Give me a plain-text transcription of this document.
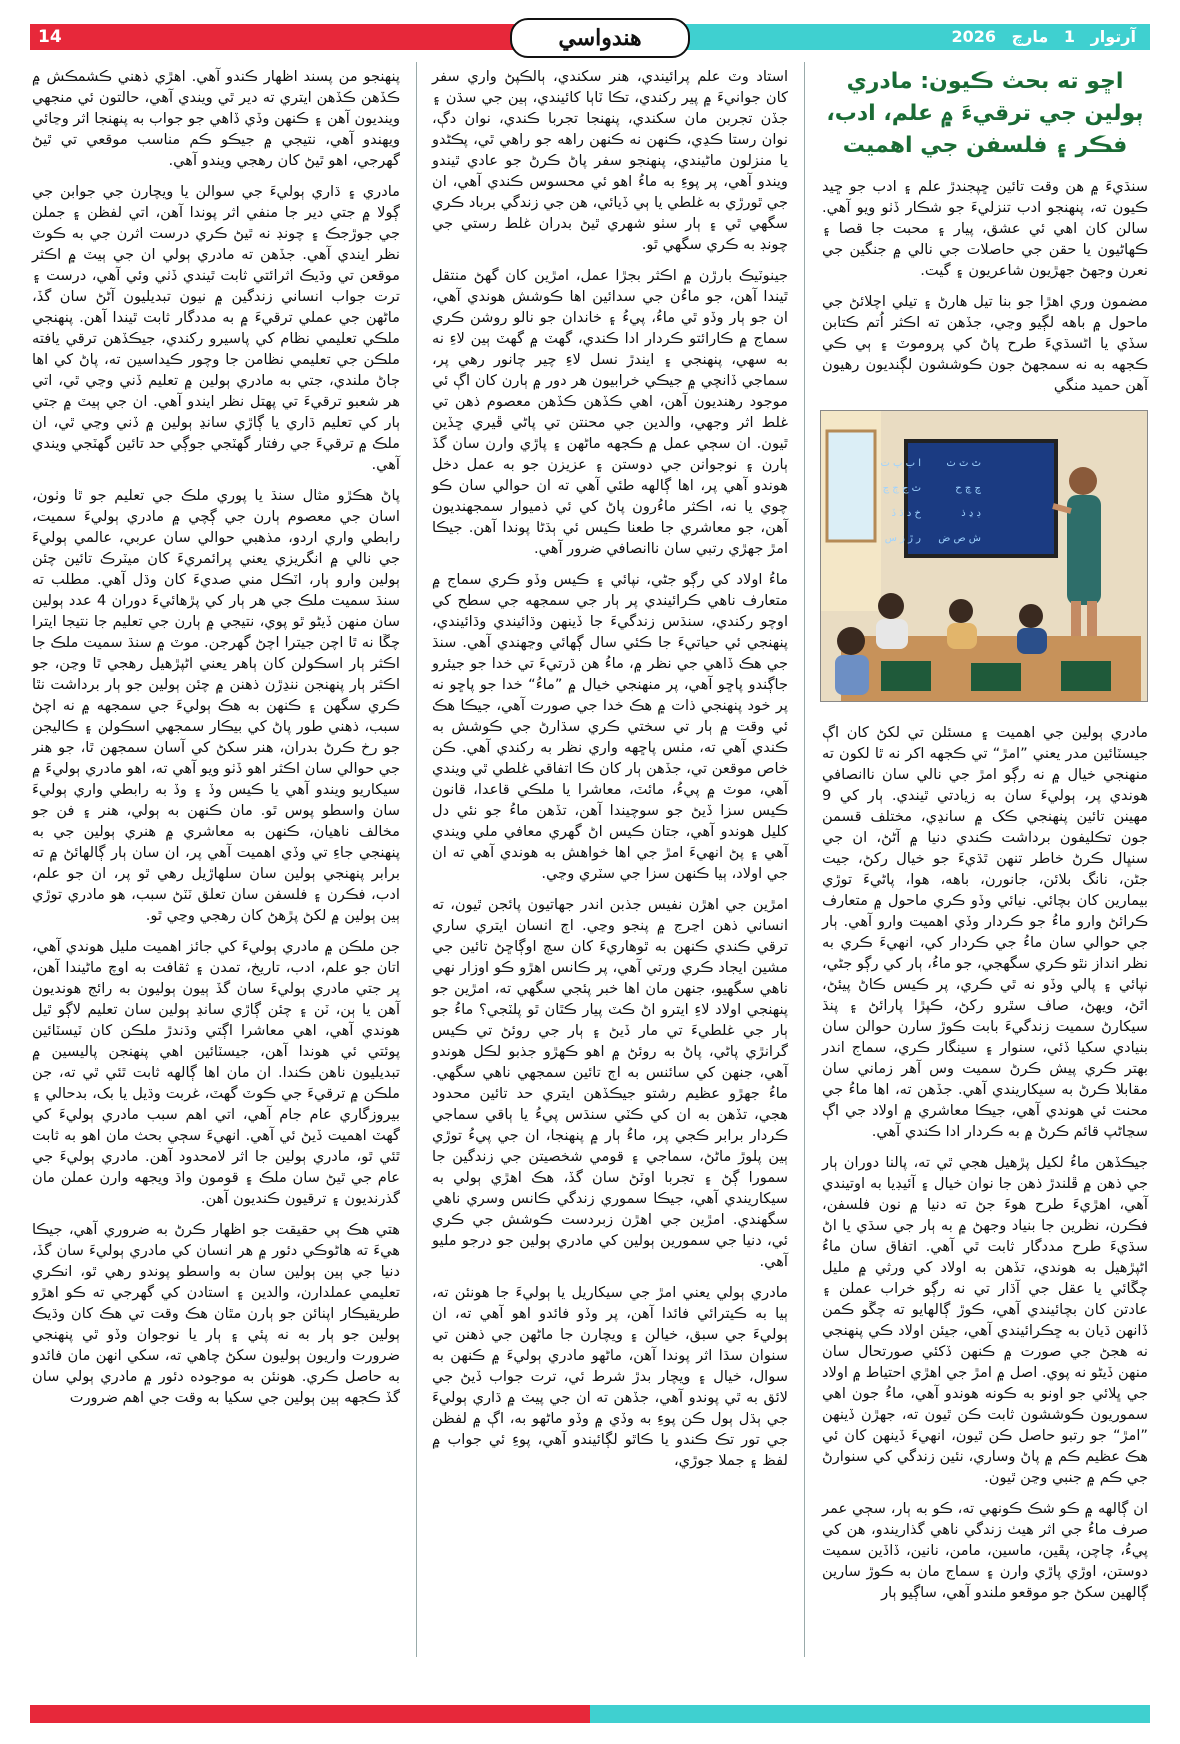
14	هندواسي	آرتوار 1 مارچ 2026
اڇو ته بحث ڪيون: مادري ٻولين جي ترقيءَ ۾ علم، ادب، فڪر ۽ فلسفن جي اهميت

سنڌيءَ ۾ هن وقت تائين ڇپجندڙ علم ۽ ادب جو ڇيد ڪيون ته، پنهنجو ادب تنزليءَ جو شڪار ڏٺو ويو آهي. سالن کان اهي ئي عشق، پيار ۽ محبت جا قصا ۽ ڪهاڻيون يا حقن جي حاصلات جي نالي ۾ جنگين جي نعرن وجهڻ جهڙيون شاعريون ۽ گيت.

مضمون وري اهڙا جو بنا تيل هارڻ ۽ تيلي اچلائڻ جي ماحول ۾ باهه لڳيو وڃي، جڏهن ته اڪثر اُتم ڪتابن سڏي يا اڻسڌيءَ طرح پاڻ کي پروموٽ ۽ ٻي ڪي ڪجهه به نه سمجهڻ جون ڪوششون لڳنديون رهيون آهن حميد منگي

ا ب پ ت	ٿ ٽ ٺ
ث ج ڄ ڃ	چ ڇ ح
خ د ڌ ڏ	ڊ ڍ ذ
ر ڙ ز س ش ص ض

مادري ٻولين جي اهميت ۽ مسئلن تي لکڻ کان اڳ جيسٽائين مدر يعني ”امڙ“ تي ڪجهه اکر نه ٿا لکون ته منهنجي خيال ۾ نه رڳو امڙ جي نالي سان ناانصافي هوندي پر، ٻوليءَ سان به زيادتي ٿيندي. ٻار کي 9 مهينن تائين پنهنجي ڪک ۾ سانڍي، مختلف قسمن جون تڪليفون برداشت ڪندي دنيا ۾ آڻڻ، ان جي سنڀال ڪرڻ خاطر تنهن ٿڌيءَ جو خيال رکڻ، جيت جڻن، نانگ بلائن، جانورن، باهه، هوا، پاڻيءَ توڙي بيمارين کان بچائي. نيائي وڏو ڪري ماحول ۾ متعارف ڪرائڻ وارو ماءُ جو ڪردار وڏي اهميت وارو آهي. ٻار جي حوالي سان ماءُ جي ڪردار کي، انهيءَ ڪري به نظر انداز نٿو ڪري سگهجي، جو ماءُ، ٻار کي رڳو جڻي، نپائي ۽ پالي وڏو نه ٿي ڪري، پر ڪيس ڪاڻ پيئڻ، اٿڻ، ويهڻ، صاف سٿرو رکڻ، ڪپڙا پارائڻ ۽ پنڌ سيکارڻ سميت زندگيءَ بابت ڪوڙ سارن حوالن سان بنيادي سکيا ڏئي، سنوار ۽ سينگار ڪري، سماج اندر بهتر ڪري پيش ڪرڻ سميت وس آهر زماني سان مقابلا ڪرڻ به سيکاريندي آهي. جڏهن ته، اها ماءُ جي محنت ئي هوندي آهي، جيڪا معاشري ۾ اولاد جي اڳ سڃاڻپ قائم ڪرڻ ۾ به ڪردار ادا ڪندي آهي.

جيڪڏهن ماءُ لکيل پڙهيل هجي ٿي ته، پالنا دوران ٻار جي ذهن ۾ ڦلندڙ ذهن جا نوان خيال ۽ آئيڊيا به اوتيندي آهي، اهڙيءَ طرح هوءَ جڻ ته دنيا ۾ نون فلسفن، فڪرن، نظرين جا بنياد وجهڻ ۾ به ٻار جي سڌي يا اڻ سڌيءَ طرح مددگار ثابت ٿي آهي. اتفاق سان ماءُ اڻپڙهيل به هوندي، تڏهن به اولاد کي ورثي ۾ مليل چڱائي يا عقل جي آڌار تي نه رڳو خراب عملن ۽ عادتن کان بچائيندي آهي، ڪوڙ ڳالهايو ته چڱو ڪمن ڏانهن ڌيان به ڇڪرائيندي آهي، جيئن اولاد ڪي پنهنجي نه هجڻ جي صورت ۾ ڪنهن ڏکئي صورتحال سان منهن ڏيڻو نه پوي. اصل ۾ امڙ جي اهڙي احتياط ۾ اولاد جي ڀلائي جو اونو به ڪونه هوندو آهي، ماءُ جون اهي سموريون ڪوششون ثابت ڪن ٿيون ته، جهڙن ڏينهن ”امڙ“ جو رتبو حاصل ڪن ٿيون، انهيءَ ڏينهن کان ئي هڪ عظيم ڪم ۾ پاڻ وساري، نئين زندگي کي سنوارڻ جي ڪم ۾ جنبي وڃن ٿيون.

ان ڳالهه ۾ ڪو شڪ ڪونهي ته، ڪو به ٻار، سڄي عمر صرف ماءُ جي اثر هيٺ زندگي ناهي گذاريندو، هن کي پيءُ، چاچن، پڦين، ماسين، مامن، نانين، ڏاڏين سميت دوستن، اوڙي پاڙي وارن ۽ سماج مان به ڪوڙ سارين ڳالهين سکڻ جو موقعو ملندو آهي، ساڳيو ٻار

استاد وٽ علم پرائيندي، هنر سکندي، ٻالڪپڻ واري سفر کان جوانيءَ ۾ پير رکندي، تڪا ٽاٻا کائيندي، ٻين جي سڌن ۽ جڏن تجربن مان سکندي، پنهنجا تجربا ڪندي، نوان دڳ، نوان رستا ڪڍي، ڪنهن نه ڪنهن راهه جو راهي ٿي، پڪڻدو يا منزلون ماڻيندي، پنهنجو سفر پاڻ ڪرڻ جو عادي ٿيندو ويندو آهي، پر پوءِ به ماءُ اهو ئي محسوس ڪندي آهي، ان جي ٿورڙي به غلطي يا ٻي ڏيائي، هن جي زندگي برباد ڪري سگهي ٿي ۽ ٻار سٺو شهري ٿيڻ بدران غلط رستي جي چونڊ به ڪري سگهي ٿو.

جينوٽيڪ بارڙن ۾ اڪثر بجڙا عمل، امڙين کان گهڻ منتقل ٿيندا آهن، جو ماءُن جي سدائين اها ڪوشش هوندي آهي، ان جو ٻار وڏو ٿي ماءُ، پيءُ ۽ خاندان جو نالو روشن ڪري سماج ۾ ڪارائتو ڪردار ادا ڪندي، گهٽ ۾ گهٽ ٻين لاءِ نه به سهي، پنهنجي ۽ ايندڙ نسل لاءِ چير چانور رهي پر، سماجي ڏانچي ۾ جيڪي خرابيون هر دور ۾ ٻارن کان اڳ ئي موجود رهنديون آهن، اهي ڪڏهن ڪڏهن معصوم ذهن تي غلط اثر وجهي، والدين جي محنتن تي پاڻي ڦيري ڇڏين ٿيون. ان سڄي عمل ۾ ڪجهه ماڻهن ۽ پاڙي وارن سان گڏ ٻارن ۽ نوجوانن جي دوستن ۽ عزيزن جو به عمل دخل هوندو آهي پر، اها ڳالهه طئي آهي ته ان حوالي سان ڪو چوي يا نه، اڪثر ماءُرون پاڻ کي ئي ذميوار سمجهنديون آهن، جو معاشري جا طعنا ڪيس ئي ٻڌڻا پوندا آهن. جيڪا امڙ جهڙي رتبي سان ناانصافي ضرور آهي.

ماءُ اولاد کي رڳو جڻي، نپائي ۽ ڪيس وڏو ڪري سماج ۾ متعارف ناهي ڪرائيندي پر ٻار جي سمجهه جي سطح کي اوچو رکندي، سنڌس زندگيءَ جا ڏينهن وڌائيندي وڌائيندي، پنهنجي ئي حياتيءَ جا ڪئي سال ڳهائي وڃهندي آهي. سنڌ جي هڪ ڏاهي جي نظر ۾، ماءُ هن ڌرتيءَ تي خدا جو جيئرو جاڳندو پاڇو آهي، پر منهنجي خيال ۾ ”ماءُ“ خدا جو پاڇو نه پر خود پنهنجي ذات ۾ هڪ خدا جي صورت آهي، جيڪا هڪ ئي وقت ۾ ٻار تي سختي ڪري سڌارڻ جي ڪوشش به ڪندي آهي ته، مٺس پاڇهه واري نظر به رکندي آهي. ڪن خاص موقعن تي، جڏهن ٻار کان ڪا اتفاقي غلطي ٿي ويندي آهي، موٽ ۾ پيءُ، مائٽ، معاشرا يا ملڪي قاعدا، قانون ڪيس سزا ڏيڻ جو سوچيندا آهن، تڏهن ماءُ جو نئي دل کليل هوندو آهي، جتان ڪيس اڻ گهري معافي ملي ويندي آهي ۽ پڻ انهيءَ امڙ جي اها خواهش به هوندي آهي ته ان جي اولاد، ٻيا ڪنهن سزا جي سٽري وڃي.

امڙين جي اهڙن نفيس جذبن اندر جهاتيون پائجن ٿيون، ته انساني ذهن اڃرج ۾ پنجو وڃي. اڄ انسان ايتري ساري ترقي ڪندي ڪنهن به ٿوهاريءَ کان سڄ اوڳاڇڻ تائين جي مشين ايجاد ڪري ورتي آهي، پر ڪانس اهڙو ڪو اوزار نهي ناهي سگهيو، جنهن مان اها خبر پئجي سگهي ته، امڙين جو پنهنجي اولاد لاءِ ايترو اڻ ڪٽ پيار ڪٿان ٿو پلٽجي؟ ماءُ جو ٻار جي غلطيءَ تي مار ڏيڻ ۽ ٻار جي روئڻ تي ڪيس گرانڙي پاڻي، پاڻ به روئڻ ۾ اهو ڪهڙو جذبو لڪل هوندو آهي، جنهن کي سائنس به اڄ تائين سمجهي ناهي سگهي. ماءُ جهڙو عظيم رشتو جيڪڏهن ايتري حد تائين محدود هجي، تڏهن به ان کي ڪٽي سنڌس پيءُ يا ٻاقي سماجي ڪردار برابر ڪجي پر، ماءُ ٻار ۾ پنهنجا، ان جي پيءُ توڙي ٻين پلوڙ ماڻڻ، سماجي ۽ قومي شخصيتن جي زندگين جا سمورا ڳڻ ۽ تجربا اوٽڻ سان گڏ، هڪ اهڙي ٻولي به سيکاريندي آهي، جيڪا سموري زندگي ڪانس وسري ناهي سگهندي. امڙين جي اهڙن زبردست ڪوشش جي ڪري ئي، دنيا جي سمورين ٻولين کي مادري ٻولين جو درجو مليو آهي.

مادري ٻولي يعني امڙ جي سيکاريل يا ٻوليءَ جا هونئن ته، ٻيا به ڪيترائي فائدا آهن، پر وڏو فائدو اهو آهي ته، ان ٻوليءَ جي سبق، خيالن ۽ ويچارن جا ماڻهن جي ذهنن تي سنوان سڌا اثر پوندا آهن، ماڻهو مادري ٻوليءَ ۾ ڪنهن به سوال، خيال ۽ ويچار بدڙ شرط ئي، ترت جواب ڏيڻ جي لائق به ٿي پوندو آهي، جڏهن ته ان جي پيٽ ۾ ڌاري ٻوليءَ جي ٻڌل ٻول ڪن پوءِ به وڏي ۾ وڏو ماڻهو به، اڳ ۾ لفظن جي تور تڪ ڪندو يا ڪاٿو لڳائيندو آهي، پوءِ ئي جواب ۾ لفظ ۽ جملا جوڙي،

پنهنجو من پسند اظهار ڪندو آهي. اهڙي ذهني ڪشمڪش ۾ ڪڏهن ڪڏهن ايتري ته دير ٿي ويندي آهي، حالتون ئي منجهي وينديون آهن ۽ ڪنهن وڏي ڏاهي جو جواب به پنهنجا اثر وڃائي ويهندو آهي، نتيجي ۾ جيڪو ڪم مناسب موقعي تي ٿيڻ گهرجي، اهو ٿيڻ کان رهجي ويندو آهي.

مادري ۽ ڌاري ٻوليءَ جي سوالن يا ويچارن جي جوابن جي ڳولا ۾ جتي دير جا منفي اثر پوندا آهن، اتي لفظن ۽ جملن جي جوڙجڪ ۽ چونڊ نه ٿيڻ ڪري درست اثرن جي به ڪوٽ نظر ايندي آهي. جڏهن ته مادري ٻولي ان جي ٻيٽ ۾ اڪثر موقعن تي وڌيڪ اثرائتي ثابت ٿيندي ڏٺي وئي آهي، درست ۽ ترت جواب انساني زندگين ۾ نيون تبديليون آڻڻ سان گڏ، ماڻهن جي عملي ترقيءَ ۾ به مددگار ثابت ٿيندا آهن. پنهنجي ملڪي تعليمي نظام کي پاسيرو رکندي، جيڪڏهن ترقي يافته ملڪن جي تعليمي نظامن جا وچور ڪيداسين ته، پاڻ کي اها ڄاڻ ملندي، جتي به مادري ٻولين ۾ تعليم ڏني وڃي ٿي، اتي هر شعبو ترقيءَ تي پهتل نظر ايندو آهي. ان جي ٻيٽ ۾ جتي ٻار کي تعليم ڌاري يا ڳاڙي سانڍ ٻولين ۾ ڏني وڃي ٿي، ان ملڪ ۾ ترقيءَ جي رفتار گهٽجي جوڳي حد تائين گهٽجي ويندي آهي.

پاڻ هڪڙو مثال سنڌ يا پوري ملڪ جي تعليم جو ٿا وٺون، اسان جي معصوم ٻارن جي ڳچي ۾ مادري ٻوليءَ سميت، رابطي واري اردو، مذهبي حوالي سان عربي، عالمي ٻوليءَ جي نالي ۾ انگريزي يعني پرائمريءَ کان ميٽرڪ تائين چئن ٻولين وارو ٻار، اٽڪل مني صديءَ کان وڌل آهي. مطلب ته سنڌ سميت ملڪ جي هر ٻار کي پڙهائيءَ دوران 4 عدد ٻولين سان منهن ڏيڻو ٿو پوي، نتيجي ۾ ٻارن جي تعليم جا نتيجا ايترا چڱا نه ٿا اچن جيترا اچڻ گهرجن. موٽ ۾ سنڌ سميت ملڪ جا اڪثر ٻار اسڪولن کان ٻاهر يعني اڻپڙهيل رهجي ٿا وڃن، جو اڪثر ٻار پنهنجن ننڍڙن ذهنن ۾ چئن ٻولين جو ٻار برداشت نٿا ڪري سگهن ۽ ڪنهن به هڪ ٻوليءَ جي سمجهه ۾ نه اچڻ سبب، ذهني طور پاڻ کي بيڪار سمجهي اسڪولن ۽ ڪاليجن جو رخ ڪرڻ بدران، هنر سکڻ کي آسان سمجهن ٿا، جو هنر جي حوالي سان اڪثر اهو ڏٺو ويو آهي ته، اهو مادري ٻوليءَ ۾ سيکاريو ويندو آهي يا ڪيس وڏ ۽ وڏ به رابطي واري ٻوليءَ سان واسطو پوس ٿو. مان ڪنهن به ٻولي، هنر ۽ فن جو مخالف ناهيان، ڪنهن به معاشري ۾ هنري ٻولين جي به پنهنجي جاءِ تي وڏي اهميت آهي پر، ان سان ٻار ڳالهائڻ ۾ ته برابر پنهنجي ٻولين سان سلهاڙيل رهي ٿو پر، ان جو علم، ادب، فڪرن ۽ فلسفن سان تعلق ٽٽڻ سبب، هو مادري توڙي ٻين ٻولين ۾ لکڻ پڙهڻ کان رهجي وڃي ٿو.

جن ملڪن ۾ مادري ٻوليءَ کي جائز اهميت مليل هوندي آهي، اتان جو علم، ادب، تاريخ، تمدن ۽ ثقافت به اوچ ماڻيندا آهن، پر جتي مادري ٻوليءَ سان گڏ ٻيون ٻوليون به رائج هونديون آهن يا ٻن، ٽن ۽ چئن ڳاڙي سانڍ ٻولين سان تعليم لاڳو ٿيل هوندي آهي، اهي معاشرا اڳتي وڌندڙ ملڪن کان ٽيسٽائين پوئتي ئي هوندا آهن، جيسٽائين اهي پنهنجن پاليسين ۾ تبديليون ناهن ڪندا. ان مان اها ڳالهه ثابت ٿئي ٿي ته، جن ملڪن ۾ ترقيءَ جي ڪوٽ گهٽ، غربت وڌيل يا بک، بدحالي ۽ بيروزگاري عام جام آهي، اتي اهم سبب مادري ٻوليءَ کي گهٽ اهميت ڏيڻ ئي آهي. انهيءَ سڄي بحث مان اهو به ثابت ٿئي ٿو، مادري ٻولين جا اثر لامحدود آهن. مادري ٻوليءَ جي عام جي ٿيڻ سان ملڪ ۽ قومون واڌ ويجهه وارن عملن مان گذرنديون ۽ ترقيون ڪنديون آهن.

هتي هڪ ٻي حقيقت جو اظهار ڪرڻ به ضروري آهي، جيڪا هيءَ ته هاڻوڪي دئور ۾ هر انسان کي مادري ٻوليءَ سان گڏ، دنيا جي ٻين ٻولين سان به واسطو پوندو رهي ٿو، انڪري تعليمي عملدارن، والدين ۽ استادن کي گهرجي ته ڪو اهڙو طريقيڪار اپنائن جو ٻارن مٿان هڪ وقت تي هڪ کان وڌيڪ ٻولين جو ٻار به نه پئي ۽ ٻار يا نوجوان وڏو ٿي پنهنجي ضرورت واريون ٻوليون سکڻ چاهي ته، سکي انهن مان فائدو به حاصل ڪري. هونئن به موجوده دئور ۾ مادري ٻولي سان گڏ ڪجهه ٻين ٻولين جي سکيا به وقت جي اهم ضرورت
